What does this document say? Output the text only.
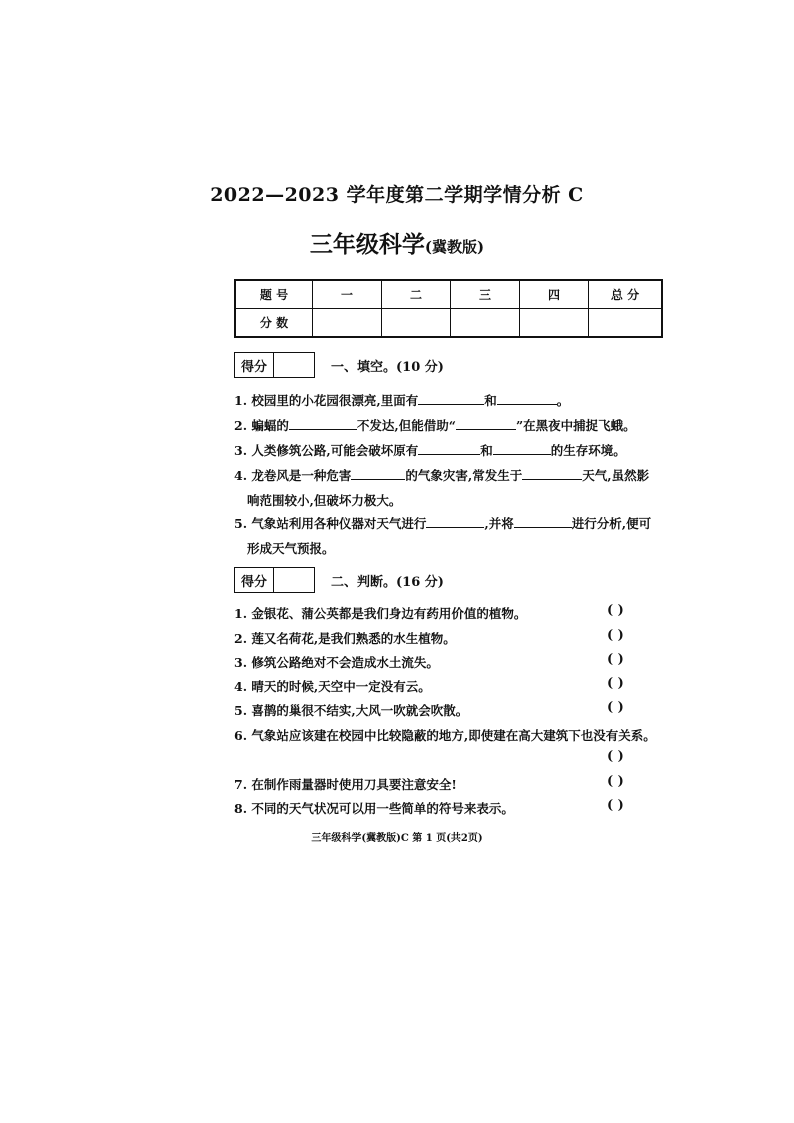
2022—2023 学年度第二学期学情分析 C
三年级科学(冀教版)
题 号	一	二	三	四	总 分
分 数					
得分	一、填空。(10 分)
1. 校园里的小花园很漂亮,里面有	和	。
2. 蝙蝠的	不发达,但能借助“	”在黑夜中捕捉飞蛾。
3. 人类修筑公路,可能会破坏原有	和	的生存环境。
4. 龙卷风是一种危害	的气象灾害,常发生于	天气,虽然影
响范围较小,但破坏力极大。
5. 气象站利用各种仪器对天气进行	,并将	进行分析,便可
形成天气预报。
得分	二、判断。(16 分)
1. 金银花、蒲公英都是我们身边有药用价值的植物。	( )
2. 莲又名荷花,是我们熟悉的水生植物。	( )
3. 修筑公路绝对不会造成水土流失。	( )
4. 晴天的时候,天空中一定没有云。	( )
5. 喜鹊的巢很不结实,大风一吹就会吹散。	( )
6. 气象站应该建在校园中比较隐蔽的地方,即使建在高大建筑下也没有关系。
( )
7. 在制作雨量器时使用刀具要注意安全!	( )
8. 不同的天气状况可以用一些简单的符号来表示。	( )
三年级科学(冀教版)C 第 1 页(共2页)
